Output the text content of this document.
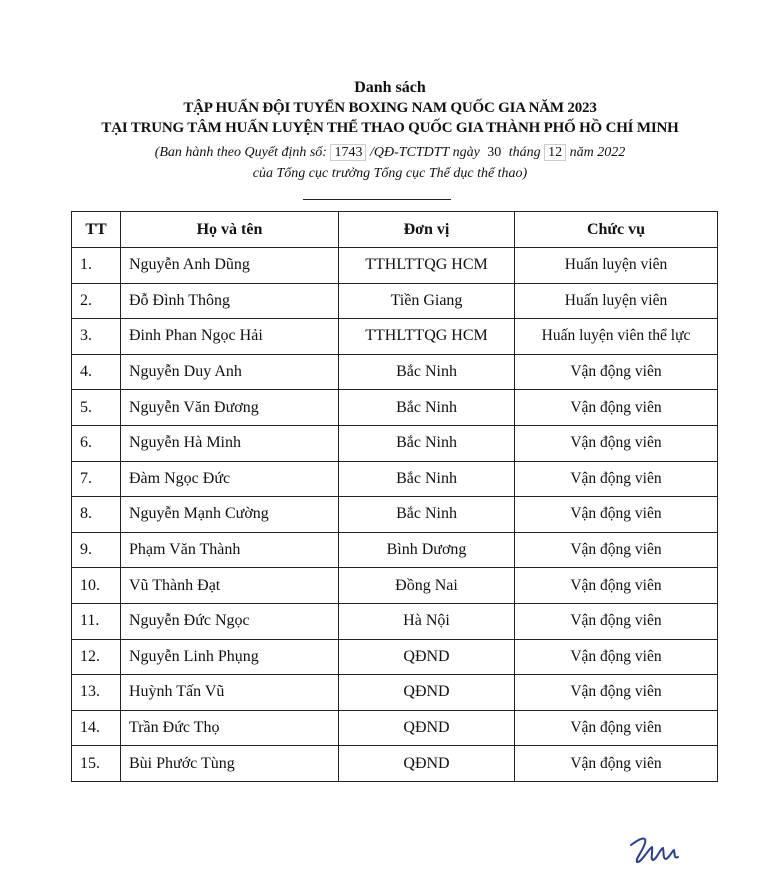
Danh sách
TẬP HUẤN ĐỘI TUYỂN BOXING NAM QUỐC GIA NĂM 2023
TẠI TRUNG TÂM HUẤN LUYỆN THỂ THAO QUỐC GIA THÀNH PHỐ HỒ CHÍ MINH
(Ban hành theo Quyết định số: 1743 /QĐ-TCTDTT ngày 30 tháng 12 năm 2022
của Tổng cục trưởng Tổng cục Thể dục thể thao)
TT	Họ và tên	Đơn vị	Chức vụ
1.	Nguyễn Anh Dũng	TTHLTTQG HCM	Huấn luyện viên
2.	Đỗ Đình Thông	Tiền Giang	Huấn luyện viên
3.	Đinh Phan Ngọc Hải	TTHLTTQG HCM	Huấn luyện viên thể lực
4.	Nguyễn Duy Anh	Bắc Ninh	Vận động viên
5.	Nguyễn Văn Đương	Bắc Ninh	Vận động viên
6.	Nguyễn Hà Minh	Bắc Ninh	Vận động viên
7.	Đàm Ngọc Đức	Bắc Ninh	Vận động viên
8.	Nguyễn Mạnh Cường	Bắc Ninh	Vận động viên
9.	Phạm Văn Thành	Bình Dương	Vận động viên
10.	Vũ Thành Đạt	Đồng Nai	Vận động viên
11.	Nguyễn Đức Ngọc	Hà Nội	Vận động viên
12.	Nguyễn Linh Phụng	QĐND	Vận động viên
13.	Huỳnh Tấn Vũ	QĐND	Vận động viên
14.	Trần Đức Thọ	QĐND	Vận động viên
15.	Bùi Phước Tùng	QĐND	Vận động viên
